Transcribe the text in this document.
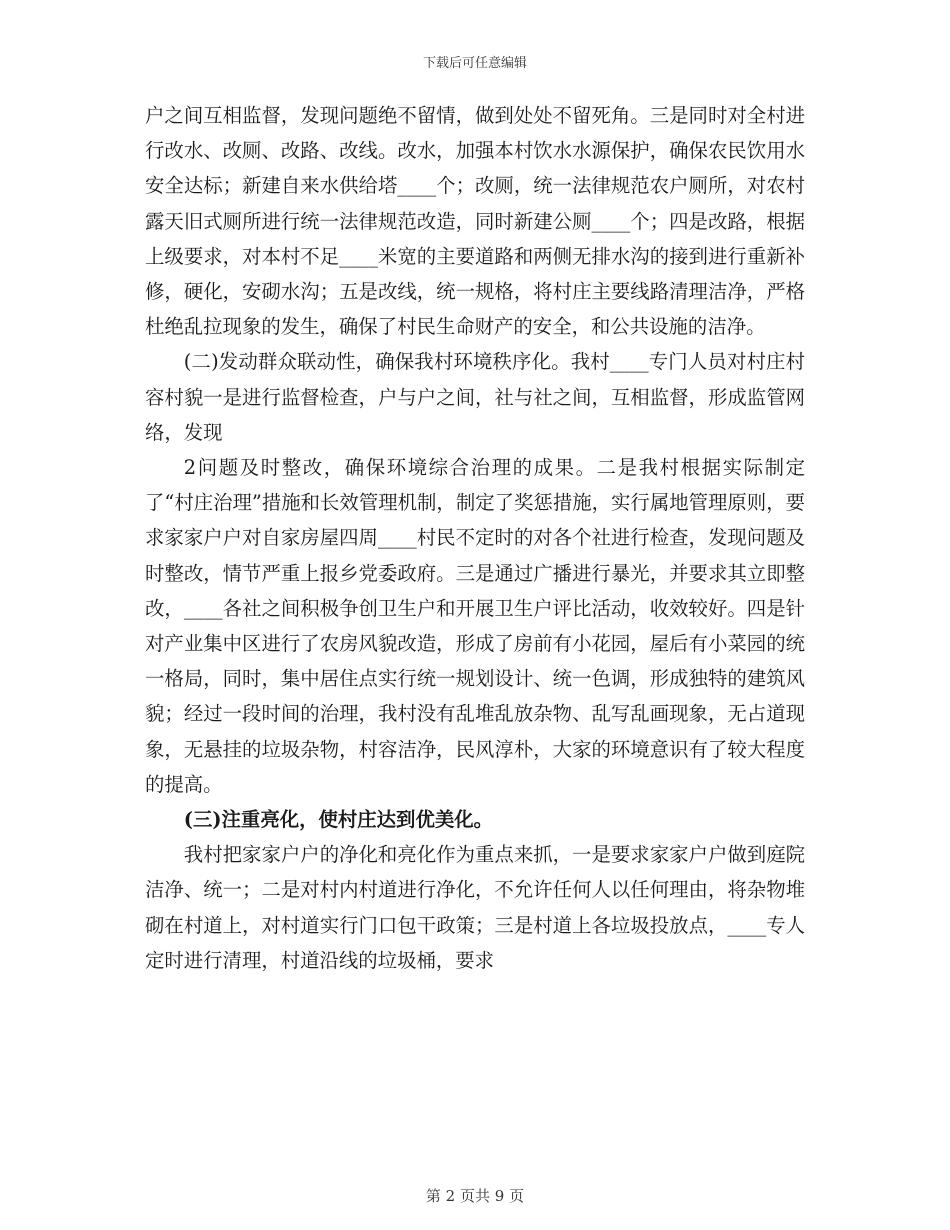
下载后可任意编辑

户之间互相监督，发现问题绝不留情，做到处处不留死角。三是同时对全村进行改水、改厕、改路、改线。改水，加强本村饮水水源保护，确保农民饮用水安全达标；新建自来水供给塔____个；改厕，统一法律规范农户厕所，对农村露天旧式厕所进行统一法律规范改造，同时新建公厕____个；四是改路，根据上级要求，对本村不足____米宽的主要道路和两侧无排水沟的接到进行重新补修，硬化，安砌水沟；五是改线，统一规格，将村庄主要线路清理洁净，严格杜绝乱拉现象的发生，确保了村民生命财产的安全，和公共设施的洁净。

(二)发动群众联动性，确保我村环境秩序化。我村____专门人员对村庄村容村貌一是进行监督检查，户与户之间，社与社之间，互相监督，形成监管网络，发现

2问题及时整改，确保环境综合治理的成果。二是我村根据实际制定了“村庄治理”措施和长效管理机制，制定了奖惩措施，实行属地管理原则，要求家家户户对自家房屋四周____村民不定时的对各个社进行检查，发现问题及时整改，情节严重上报乡党委政府。三是通过广播进行暴光，并要求其立即整改，____各社之间积极争创卫生户和开展卫生户评比活动，收效较好。四是针对产业集中区进行了农房风貌改造，形成了房前有小花园，屋后有小菜园的统一格局，同时，集中居住点实行统一规划设计、统一色调，形成独特的建筑风貌；经过一段时间的治理，我村没有乱堆乱放杂物、乱写乱画现象，无占道现象，无悬挂的垃圾杂物，村容洁净，民风淳朴，大家的环境意识有了较大程度的提高。

(三)注重亮化，使村庄达到优美化。

我村把家家户户的净化和亮化作为重点来抓，一是要求家家户户做到庭院洁净、统一；二是对村内村道进行净化，不允许任何人以任何理由，将杂物堆砌在村道上，对村道实行门口包干政策；三是村道上各垃圾投放点，____专人定时进行清理，村道沿线的垃圾桶，要求

第 2 页共 9 页
